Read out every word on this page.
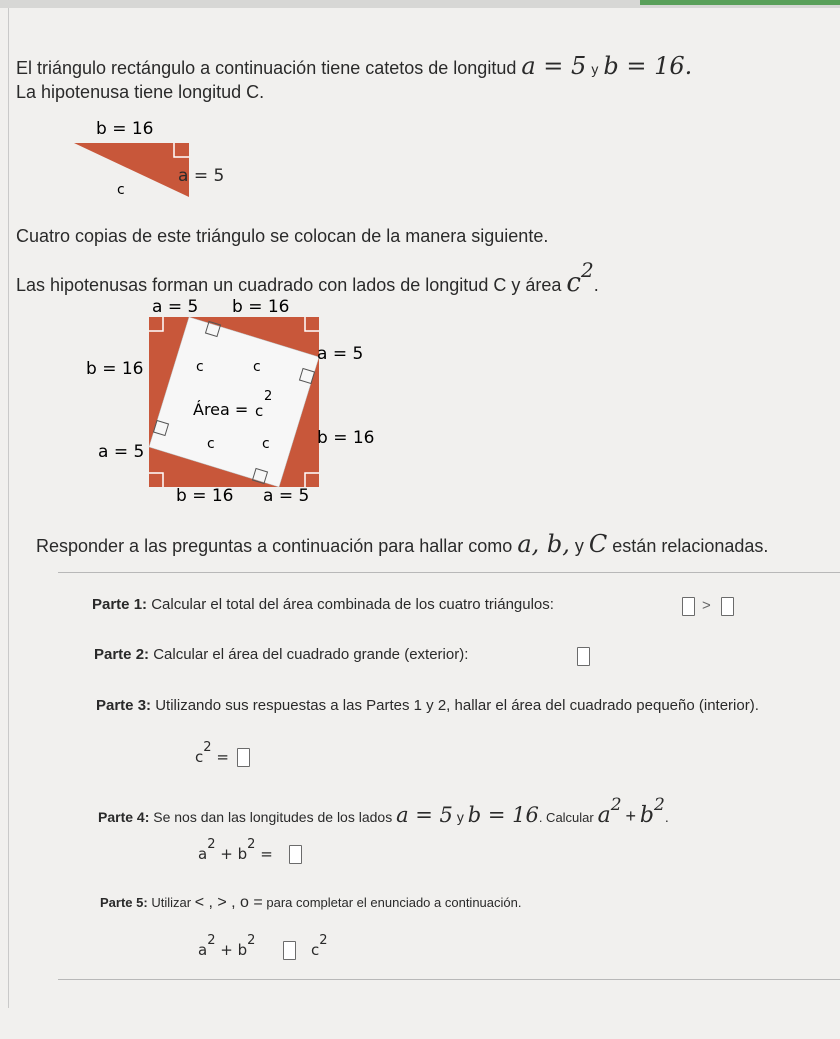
El triángulo rectángulo a continuación tiene catetos de longitud a = 5 y b = 16.
La hipotenusa tiene longitud C.
b = 16
a = 5
c
Cuatro copias de este triángulo se colocan de la manera siguiente.
Las hipotenusas forman un cuadrado con lados de longitud C y área c2.
a = 5 b = 16
b = 16
a = 5
a = 5
b = 16
b = 16 a = 5
c	c
c	c
Área = c
2
Responder a las preguntas a continuación para hallar como a, b, y C están relacionadas.
Parte 1: Calcular el total del área combinada de los cuatro triángulos:	>
Parte 2: Calcular el área del cuadrado grande (exterior):
Parte 3: Utilizando sus respuestas a las Partes 1 y 2, hallar el área del cuadrado pequeño (interior).
c2 =
Parte 4: Se nos dan las longitudes de los lados a = 5 y b = 16. Calcular a2 + b2.
a2 + b2 =
Parte 5: Utilizar < , > , o = para completar el enunciado a continuación.
a2 + b2
c2
